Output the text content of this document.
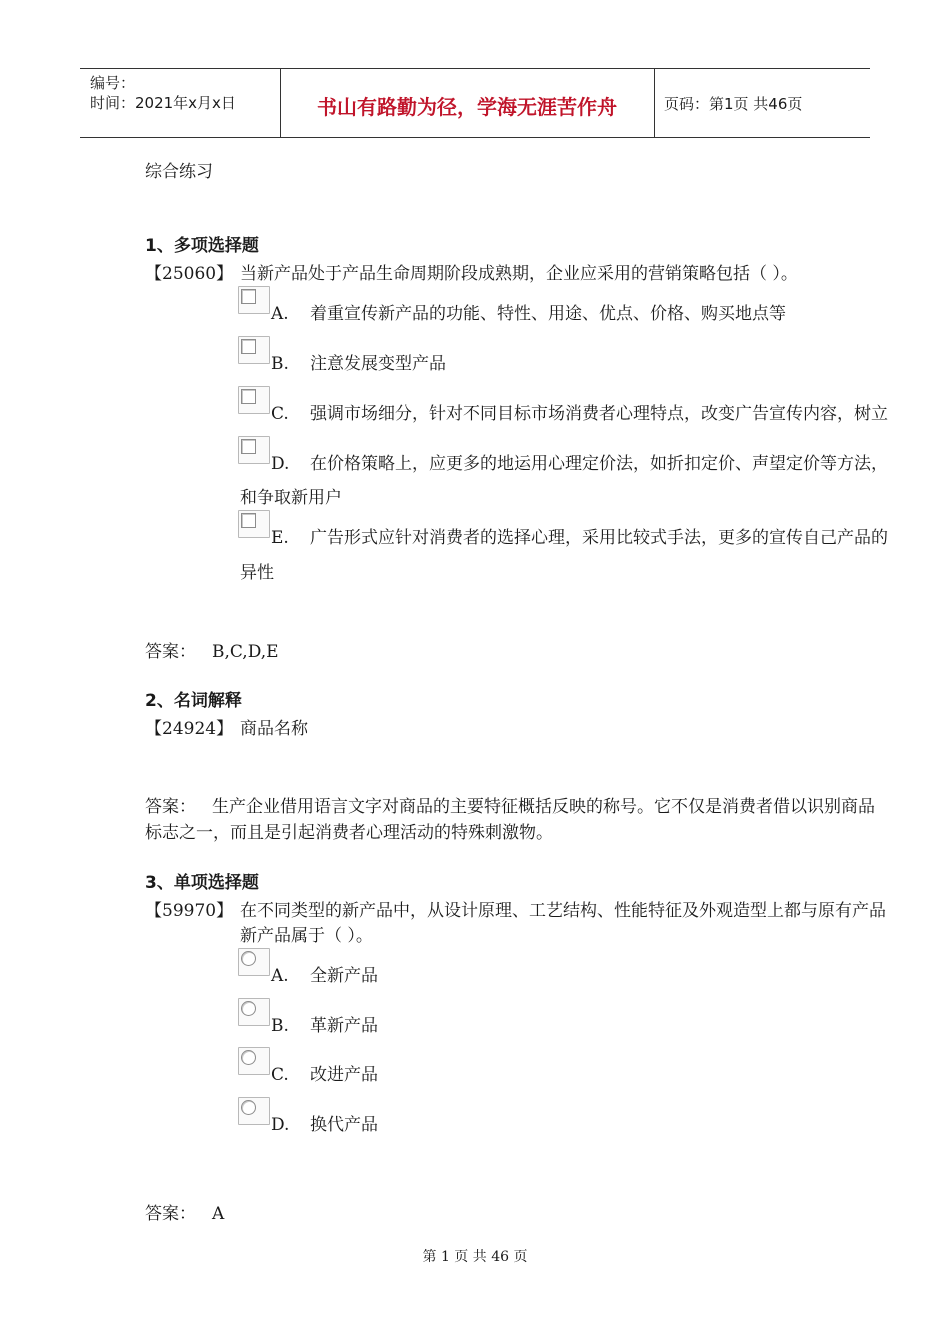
编号：
时间：2021年x月x日	书山有路勤为径，学海无涯苦作舟	页码：第1页 共46页
综合练习
1、多项选择题
【25060】 当新产品处于产品生命周期阶段成熟期，企业应采用的营销策略包括（ ）。
A. 着重宣传新产品的功能、特性、用途、优点、价格、购买地点等
B. 注意发展变型产品
C. 强调市场细分，针对不同目标市场消费者心理特点，改变广告宣传内容，树立
D. 在价格策略上，应更多的地运用心理定价法，如折扣定价、声望定价等方法，
和争取新用户
E. 广告形式应针对消费者的选择心理，采用比较式手法，更多的宣传自己产品的
异性
答案： B,C,D,E
2、名词解释
【24924】 商品名称
答案： 生产企业借用语言文字对商品的主要特征概括反映的称号。它不仅是消费者借以识别商品
标志之一，而且是引起消费者心理活动的特殊刺激物。
3、单项选择题
【59970】 在不同类型的新产品中，从设计原理、工艺结构、性能特征及外观造型上都与原有产品
新产品属于（ ）。
A. 全新产品
B. 革新产品
C. 改进产品
D. 换代产品
答案： A
第 1 页 共 46 页
